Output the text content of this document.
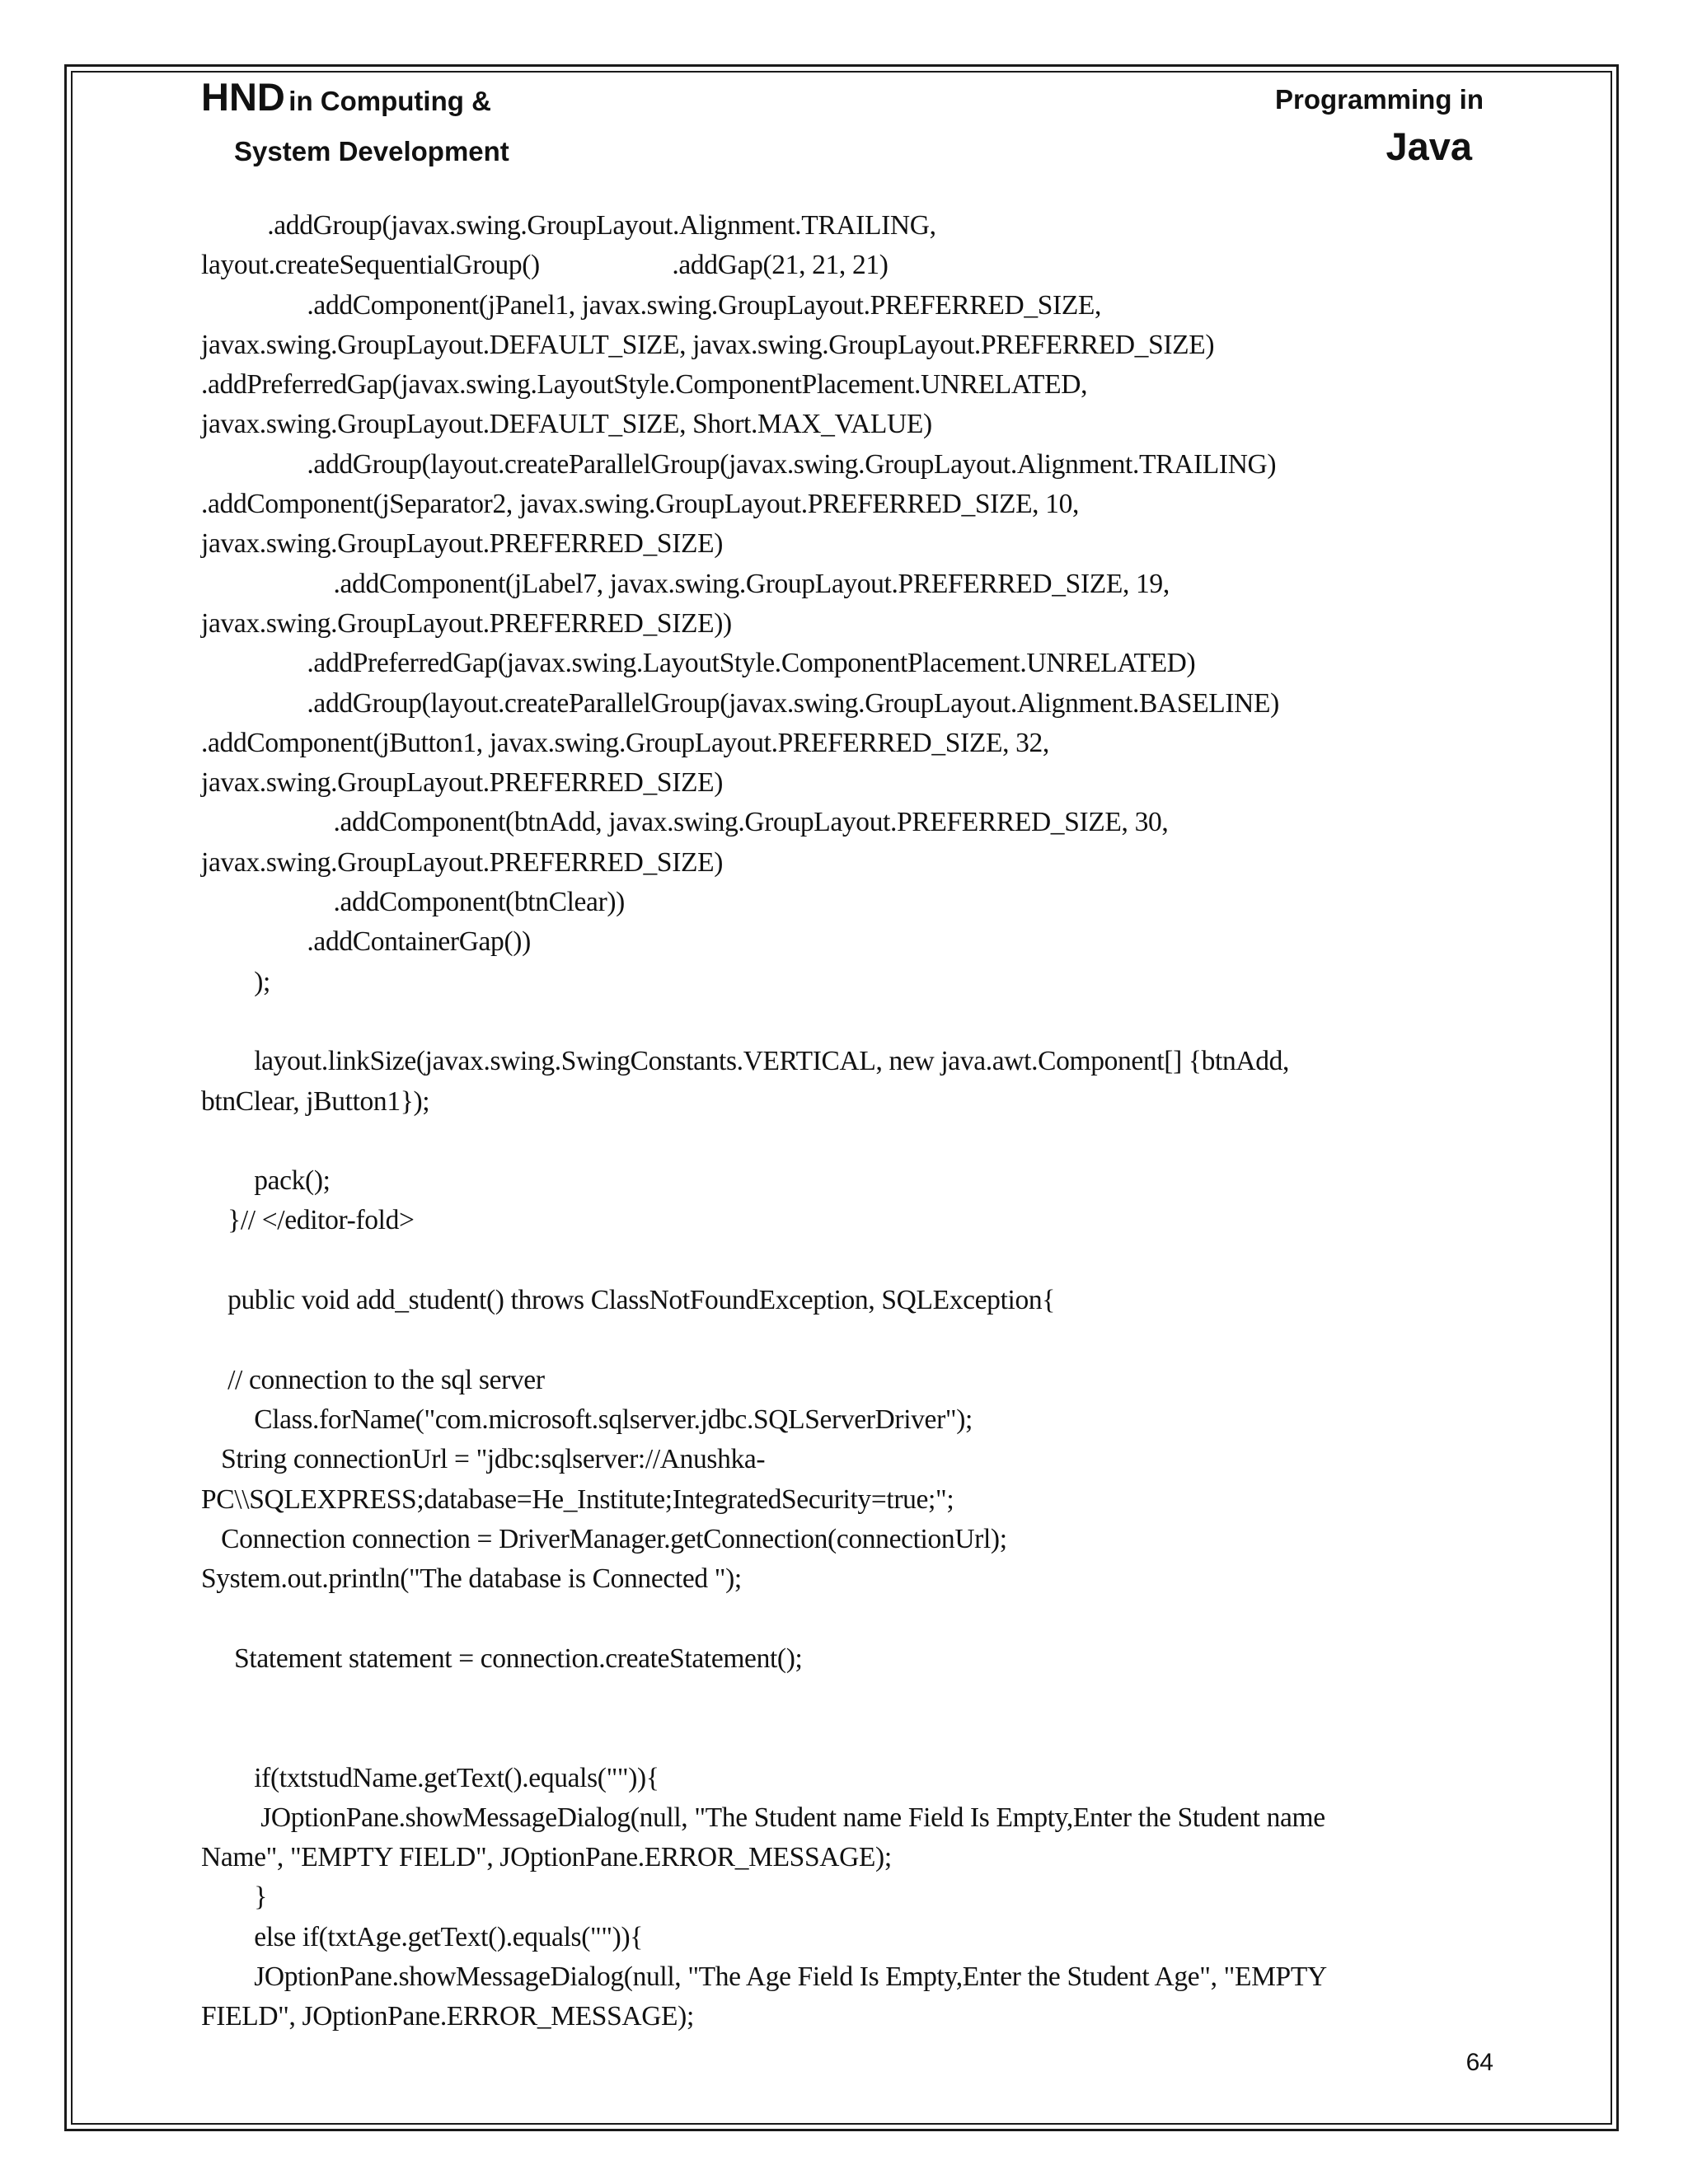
HND in Computing &
System Development
Programming in
Java
.addGroup(javax.swing.GroupLayout.Alignment.TRAILING,
layout.createSequentialGroup()                    .addGap(21, 21, 21)
.addComponent(jPanel1, javax.swing.GroupLayout.PREFERRED_SIZE,
javax.swing.GroupLayout.DEFAULT_SIZE, javax.swing.GroupLayout.PREFERRED_SIZE)
.addPreferredGap(javax.swing.LayoutStyle.ComponentPlacement.UNRELATED,
javax.swing.GroupLayout.DEFAULT_SIZE, Short.MAX_VALUE)
.addGroup(layout.createParallelGroup(javax.swing.GroupLayout.Alignment.TRAILING)
.addComponent(jSeparator2, javax.swing.GroupLayout.PREFERRED_SIZE, 10,
javax.swing.GroupLayout.PREFERRED_SIZE)
.addComponent(jLabel7, javax.swing.GroupLayout.PREFERRED_SIZE, 19,
javax.swing.GroupLayout.PREFERRED_SIZE))
.addPreferredGap(javax.swing.LayoutStyle.ComponentPlacement.UNRELATED)
.addGroup(layout.createParallelGroup(javax.swing.GroupLayout.Alignment.BASELINE)
.addComponent(jButton1, javax.swing.GroupLayout.PREFERRED_SIZE, 32,
javax.swing.GroupLayout.PREFERRED_SIZE)
.addComponent(btnAdd, javax.swing.GroupLayout.PREFERRED_SIZE, 30,
javax.swing.GroupLayout.PREFERRED_SIZE)
.addComponent(btnClear))
.addContainerGap())
);
layout.linkSize(javax.swing.SwingConstants.VERTICAL, new java.awt.Component[] {btnAdd,
btnClear, jButton1});
pack();
}// </editor-fold>
public void add_student() throws ClassNotFoundException, SQLException{
// connection to the sql server
Class.forName("com.microsoft.sqlserver.jdbc.SQLServerDriver");
String connectionUrl = "jdbc:sqlserver://Anushka-
PC\\SQLEXPRESS;database=He_Institute;IntegratedSecurity=true;";
Connection connection = DriverManager.getConnection(connectionUrl);
System.out.println("The database is Connected ");
Statement statement = connection.createStatement();
if(txtstudName.getText().equals("")){
JOptionPane.showMessageDialog(null, "The Student name Field Is Empty,Enter the Student name
Name", "EMPTY FIELD", JOptionPane.ERROR_MESSAGE);
}
else if(txtAge.getText().equals("")){
JOptionPane.showMessageDialog(null, "The Age Field Is Empty,Enter the Student Age", "EMPTY
FIELD", JOptionPane.ERROR_MESSAGE);
64
